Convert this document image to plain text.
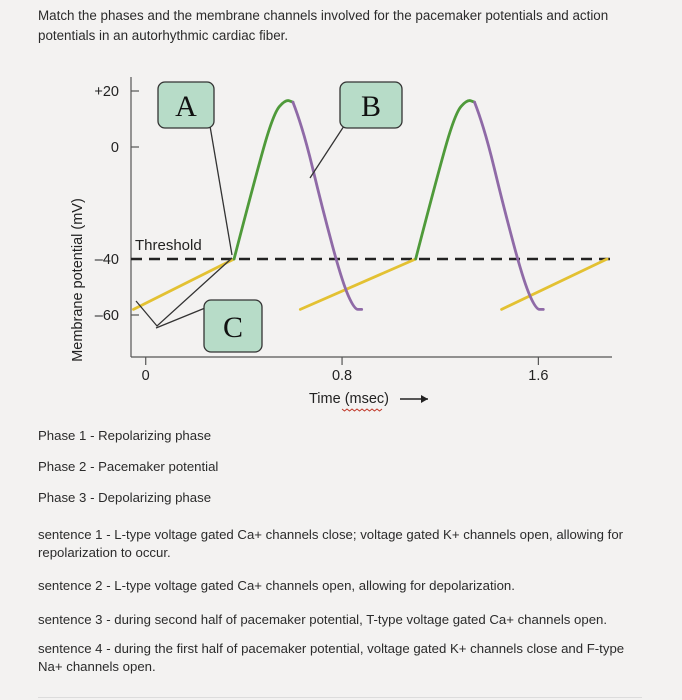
Match the phases and the membrane channels involved for the pacemaker potentials and action potentials in an autorhythmic cardiac fiber.
+20
0
–40
–60
0	0.8	1.6
Threshold
A	B
C
Membrane potential (mV)
Time (msec)
Phase 1 - Repolarizing phase
Phase 2 - Pacemaker potential
Phase 3 - Depolarizing phase
sentence 1 - L-type voltage gated Ca+ channels close; voltage gated K+ channels open, allowing for repolarization to occur.
sentence 2 - L-type voltage gated Ca+ channels open, allowing for depolarization.
sentence 3 - during second half of pacemaker potential, T-type voltage gated Ca+ channels open.
sentence 4 - during the first half of pacemaker potential, voltage gated K+ channels close and F-type Na+ channels open.
